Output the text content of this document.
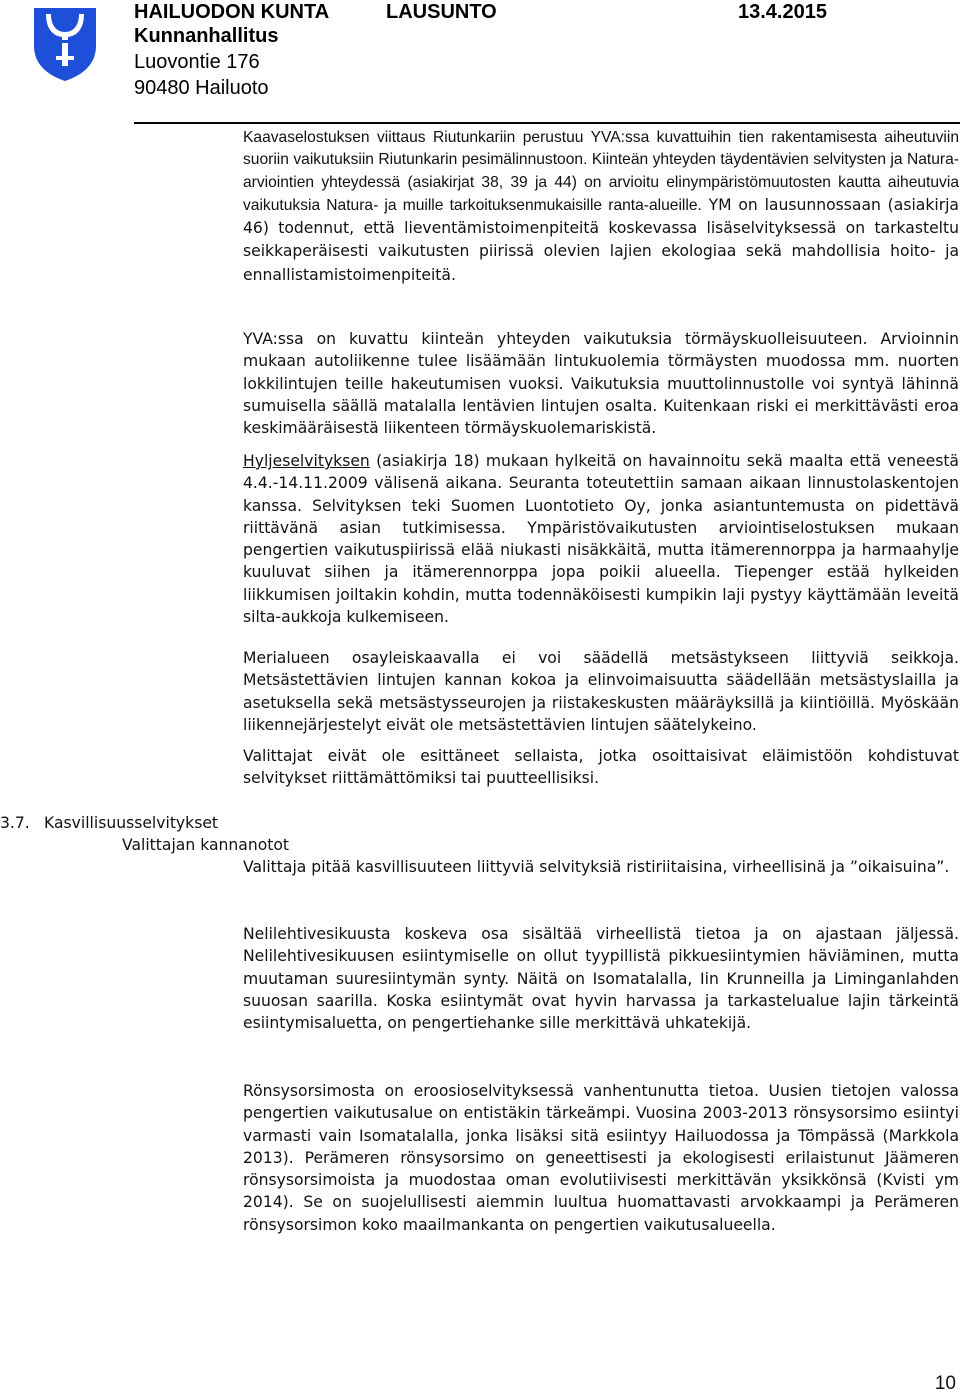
HAILUODON KUNTA	LAUSUNTO	13.4.2015
Kunnanhallitus
Luovontie 176
90480 Hailuoto
Kaavaselostuksen viittaus Riutunkariin perustuu YVA:ssa kuvattuihin tien rakentamisesta aiheutuviin suoriin vaikutuksiin Riutunkarin pesimälinnustoon. Kiinteän yhteyden täydentävien selvitysten ja Natura-arviointien yhteydessä (asiakirjat 38, 39 ja 44) on arvioitu elinympäristömuutosten kautta aiheutuvia vaikutuksia Natura- ja muille tarkoituksenmukaisille ranta-alueille. YM on lausunnossaan (asiakirja 46) todennut, että lieventämistoimenpiteitä koskevassa lisäselvityksessä on tarkasteltu seikkaperäisesti vaikutusten piirissä olevien lajien ekologiaa sekä mahdollisia hoito- ja ennallistamistoimenpiteitä.
YVA:ssa on kuvattu kiinteän yhteyden vaikutuksia törmäyskuolleisuuteen. Arvioinnin mukaan autoliikenne tulee lisäämään lintukuolemia törmäysten muodossa mm. nuorten lokkilintujen teille hakeutumisen vuoksi. Vaikutuksia muuttolinnustolle voi syntyä lähinnä sumuisella säällä matalalla lentävien lintujen osalta. Kuitenkaan riski ei merkittävästi eroa keskimääräisestä liikenteen törmäyskuolemariskistä.
Hyljeselvityksen (asiakirja 18) mukaan hylkeitä on havainnoitu sekä maalta että veneestä 4.4.-14.11.2009 välisenä aikana. Seuranta toteutettiin samaan aikaan linnustolaskentojen kanssa. Selvityksen teki Suomen Luontotieto Oy, jonka asiantuntemusta on pidettävä riittävänä asian tutkimisessa. Ympäristövaikutusten arviointiselostuksen mukaan pengertien vaikutuspiirissä elää niukasti nisäkkäitä, mutta itämerennorppa ja harmaahylje kuuluvat siihen ja itämerennorppa jopa poikii alueella. Tiepenger estää hylkeiden liikkumisen joiltakin kohdin, mutta todennäköisesti kumpikin laji pystyy käyttämään leveitä silta-aukkoja kulkemiseen.
Merialueen osayleiskaavalla ei voi säädellä metsästykseen liittyviä seikkoja. Metsästettävien lintujen kannan kokoa ja elinvoimaisuutta säädellään metsästyslailla ja asetuksella sekä metsästysseurojen ja riistakeskusten määräyksillä ja kiintiöillä. Myöskään liikennejärjestelyt eivät ole metsästettävien lintujen säätelykeino.
Valittajat eivät ole esittäneet sellaista, jotka osoittaisivat eläimistöön kohdistuvat selvitykset riittämättömiksi tai puutteellisiksi.
3.7. Kasvillisuusselvitykset
Valittajan kannanotot
Valittaja pitää kasvillisuuteen liittyviä selvityksiä ristiriitaisina, virheellisinä ja ”oikaisuina”.
Nelilehtivesikuusta koskeva osa sisältää virheellistä tietoa ja on ajastaan jäljessä. Nelilehtivesikuusen esiintymiselle on ollut tyypillistä pikkuesiintymien häviäminen, mutta muutaman suuresiintymän synty. Näitä on Isomatalalla, Iin Krunneilla ja Liminganlahden suuosan saarilla. Koska esiintymät ovat hyvin harvassa ja tarkastelualue lajin tärkeintä esiintymisaluetta, on pengertiehanke sille merkittävä uhkatekijä.
Rönsysorsimosta on eroosioselvityksessä vanhentunutta tietoa. Uusien tietojen valossa pengertien vaikutusalue on entistäkin tärkeämpi. Vuosina 2003-2013 rönsysorsimo esiintyi varmasti vain Isomatalalla, jonka lisäksi sitä esiintyy Hailuodossa ja Tömpässä (Markkola 2013). Perämeren rönsysorsimo on geneettisesti ja ekologisesti erilaistunut Jäämeren rönsysorsimoista ja muodostaa oman evolutiivisesti merkittävän yksikkönsä (Kvisti ym 2014). Se on suojelullisesti aiemmin luultua huomattavasti arvokkaampi ja Perämeren rönsysorsimon koko maailmankanta on pengertien vaikutusalueella.
10
